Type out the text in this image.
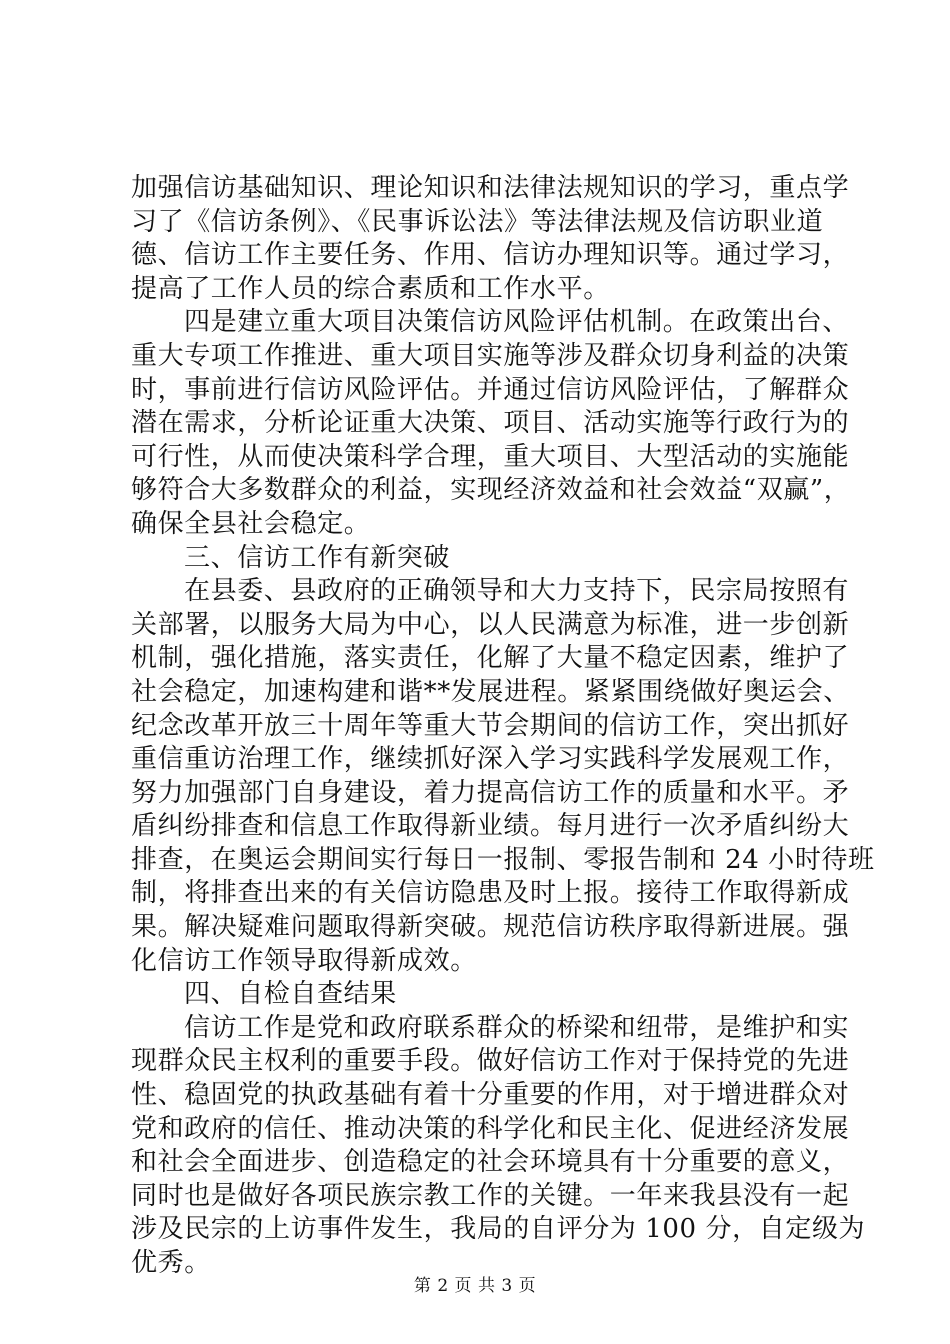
加强信访基础知识、理论知识和法律法规知识的学习，重点学
习了《信访条例》、《民事诉讼法》等法律法规及信访职业道
德、信访工作主要任务、作用、信访办理知识等。通过学习，
提高了工作人员的综合素质和工作水平。
四是建立重大项目决策信访风险评估机制。在政策出台、
重大专项工作推进、重大项目实施等涉及群众切身利益的决策
时，事前进行信访风险评估。并通过信访风险评估，了解群众
潜在需求，分析论证重大决策、项目、活动实施等行政行为的
可行性，从而使决策科学合理，重大项目、大型活动的实施能
够符合大多数群众的利益，实现经济效益和社会效益“双赢”，
确保全县社会稳定。
三、信访工作有新突破
在县委、县政府的正确领导和大力支持下，民宗局按照有
关部署，以服务大局为中心，以人民满意为标准，进一步创新
机制，强化措施，落实责任，化解了大量不稳定因素，维护了
社会稳定，加速构建和谐**发展进程。紧紧围绕做好奥运会、
纪念改革开放三十周年等重大节会期间的信访工作，突出抓好
重信重访治理工作，继续抓好深入学习实践科学发展观工作，
努力加强部门自身建设，着力提高信访工作的质量和水平。矛
盾纠纷排查和信息工作取得新业绩。每月进行一次矛盾纠纷大
排查，在奥运会期间实行每日一报制、零报告制和 24 小时待班
制，将排查出来的有关信访隐患及时上报。接待工作取得新成
果。解决疑难问题取得新突破。规范信访秩序取得新进展。强
化信访工作领导取得新成效。
四、自检自查结果
信访工作是党和政府联系群众的桥梁和纽带，是维护和实
现群众民主权利的重要手段。做好信访工作对于保持党的先进
性、稳固党的执政基础有着十分重要的作用，对于增进群众对
党和政府的信任、推动决策的科学化和民主化、促进经济发展
和社会全面进步、创造稳定的社会环境具有十分重要的意义，
同时也是做好各项民族宗教工作的关键。一年来我县没有一起
涉及民宗的上访事件发生，我局的自评分为 100 分，自定级为
优秀。
第 2 页 共 3 页
